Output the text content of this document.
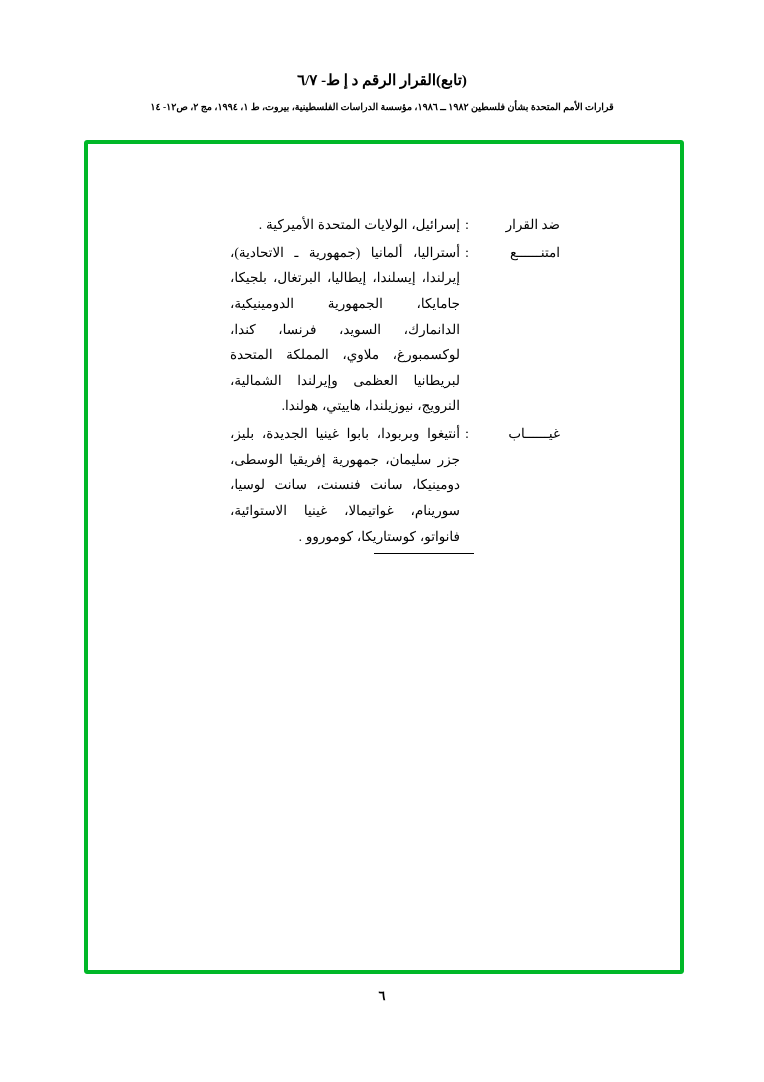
(تابع)القرار الرقم د إ ط- ٦/٧
قرارات الأمم المتحدة بشأن فلسطين ١٩٨٢ ــ ١٩٨٦، مؤسسة الدراسات الفلسطينية، بيروت، ط ١، ١٩٩٤، مج ٢، ص١٢- ١٤
ضد القرار
:
إسرائيل، الولايات المتحدة الأميركية .
امتنــــــع
:
أستراليا، ألمانيا (جمهورية ـ الاتحادية)، إيرلندا، إيسلندا، إيطاليا، البرتغال، بلجيكا، جامايكا، الجمهورية الدومينيكية، الدانمارك، السويد، فرنسا، كندا، لوكسمبورغ، ملاوي، المملكة المتحدة لبريطانيا العظمى وإيرلندا الشمالية، النرويج، نيوزيلندا، هاييتي، هولندا.
غيــــــاب
:
أنتيغوا وبربودا، بابوا غينيا الجديدة، بليز، جزر سليمان، جمهورية إفريقيا الوسطى، دومينيكا، سانت فنسنت، سانت لوسيا، سورينام، غواتيمالا، غينيا الاستوائية، فانواتو، كوستاريكا، كوموروو .
٦
